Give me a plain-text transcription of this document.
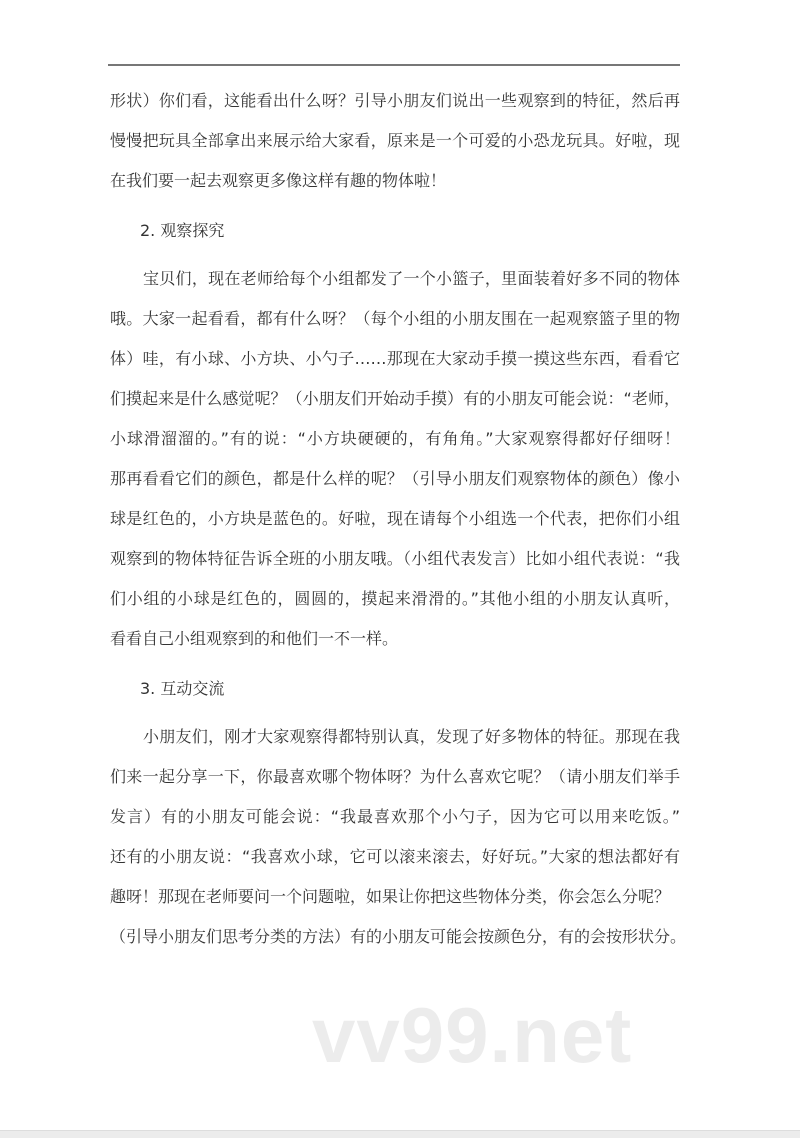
形状）你们看，这能看出什么呀？引导小朋友们说出一些观察到的特征，然后再
慢慢把玩具全部拿出来展示给大家看，原来是一个可爱的小恐龙玩具。好啦，现
在我们要一起去观察更多像这样有趣的物体啦！
2. 观察探究
宝贝们，现在老师给每个小组都发了一个小篮子，里面装着好多不同的物体
哦。大家一起看看，都有什么呀？（每个小组的小朋友围在一起观察篮子里的物
体）哇，有小球、小方块、小勺子……那现在大家动手摸一摸这些东西，看看它
们摸起来是什么感觉呢？（小朋友们开始动手摸）有的小朋友可能会说：“老师，
小球滑溜溜的。”有的说：“小方块硬硬的，有角角。”大家观察得都好仔细呀！
那再看看它们的颜色，都是什么样的呢？（引导小朋友们观察物体的颜色）像小
球是红色的，小方块是蓝色的。好啦，现在请每个小组选一个代表，把你们小组
观察到的物体特征告诉全班的小朋友哦。（小组代表发言）比如小组代表说：“我
们小组的小球是红色的，圆圆的，摸起来滑滑的。”其他小组的小朋友认真听，
看看自己小组观察到的和他们一不一样。
3. 互动交流
小朋友们，刚才大家观察得都特别认真，发现了好多物体的特征。那现在我
们来一起分享一下，你最喜欢哪个物体呀？为什么喜欢它呢？（请小朋友们举手
发言）有的小朋友可能会说：“我最喜欢那个小勺子，因为它可以用来吃饭。”
还有的小朋友说：“我喜欢小球，它可以滚来滚去，好好玩。”大家的想法都好有
趣呀！那现在老师要问一个问题啦，如果让你把这些物体分类，你会怎么分呢？
（引导小朋友们思考分类的方法）有的小朋友可能会按颜色分，有的会按形状分。
vv99.net
